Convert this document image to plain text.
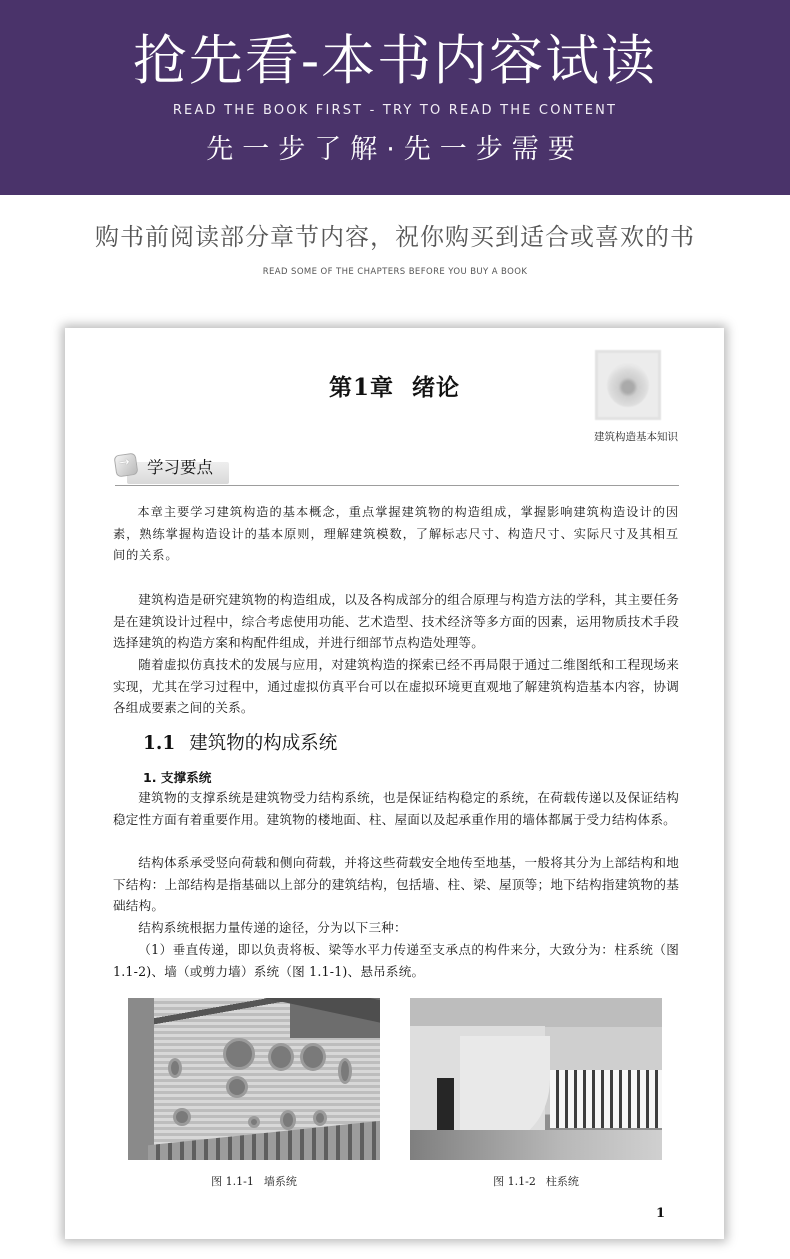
抢先看-本书内容试读
READ THE BOOK FIRST - TRY TO READ THE CONTENT
先一步了解·先一步需要
购书前阅读部分章节内容，祝你购买到适合或喜欢的书
READ SOME OF THE CHAPTERS BEFORE YOU BUY A BOOK
第1章 绪论
建筑构造基本知识
→
学习要点
本章主要学习建筑构造的基本概念，重点掌握建筑物的构造组成，掌握影响建筑构造设计的因素，熟练掌握构造设计的基本原则，理解建筑模数，了解标志尺寸、构造尺寸、实际尺寸及其相互间的关系。
建筑构造是研究建筑物的构造组成，以及各构成部分的组合原理与构造方法的学科，其主要任务是在建筑设计过程中，综合考虑使用功能、艺术造型、技术经济等多方面的因素，运用物质技术手段选择建筑的构造方案和构配件组成，并进行细部节点构造处理等。
随着虚拟仿真技术的发展与应用，对建筑构造的探索已经不再局限于通过二维图纸和工程现场来实现，尤其在学习过程中，通过虚拟仿真平台可以在虚拟环境更直观地了解建筑构造基本内容，协调各组成要素之间的关系。
1.1 建筑物的构成系统
1. 支撑系统
建筑物的支撑系统是建筑物受力结构系统，也是保证结构稳定的系统，在荷载传递以及保证结构稳定性方面有着重要作用。建筑物的楼地面、柱、屋面以及起承重作用的墙体都属于受力结构体系。
结构体系承受竖向荷载和侧向荷载，并将这些荷载安全地传至地基，一般将其分为上部结构和地下结构：上部结构是指基础以上部分的建筑结构，包括墙、柱、梁、屋顶等；地下结构指建筑物的基础结构。
结构系统根据力量传递的途径，分为以下三种：
（1）垂直传递，即以负责将板、梁等水平力传递至支承点的构件来分，大致分为：柱系统（图 1.1-2)、墙（或剪力墙）系统（图 1.1-1)、悬吊系统。
图 1.1-1 墙系统	图 1.1-2 柱系统
1
